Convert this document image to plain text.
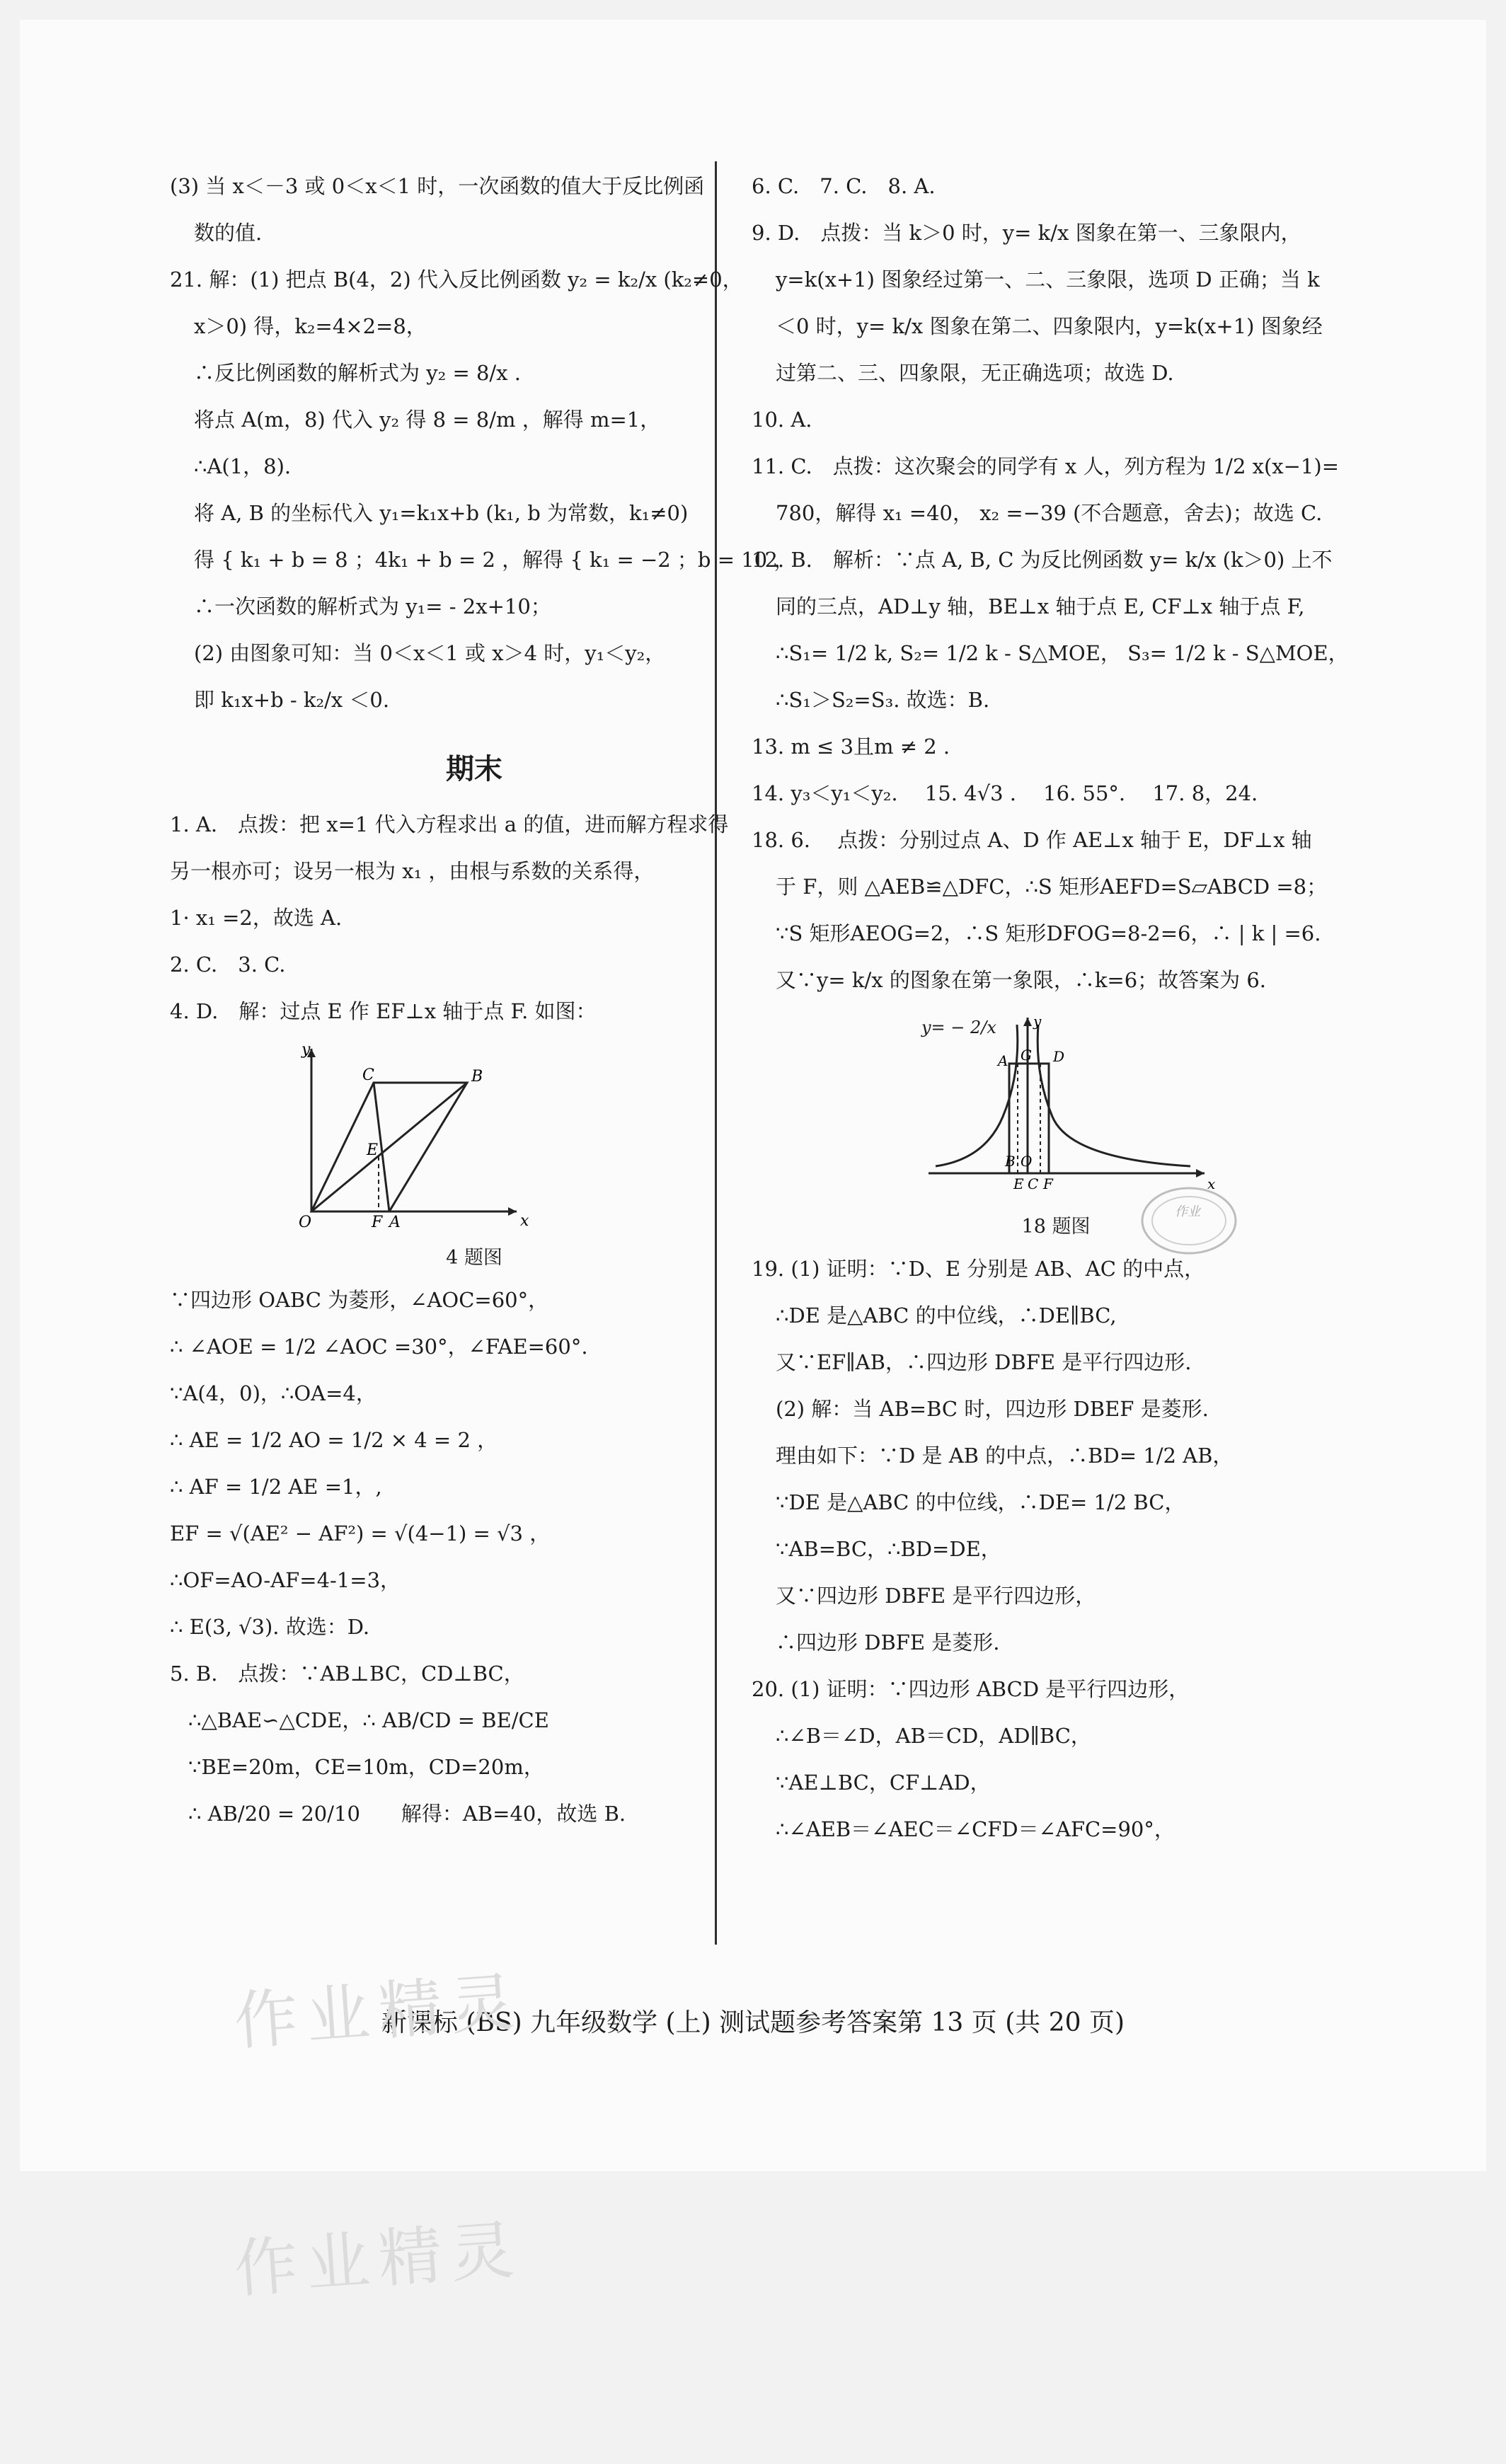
(3) 当 x＜－3 或 0＜x＜1 时，一次函数的值大于反比例函
数的值.
21. 解：(1) 把点 B(4，2) 代入反比例函数 y₂ = k₂/x (k₂≠0，
x＞0) 得，k₂=4×2=8，
∴反比例函数的解析式为 y₂ = 8/x .
将点 A(m，8) 代入 y₂ 得 8 = 8/m ，解得 m=1，
∴A(1，8).
将 A, B 的坐标代入 y₁=k₁x+b (k₁, b 为常数，k₁≠0)
得 { k₁ + b = 8 ；4k₁ + b = 2 ，解得 { k₁ = −2 ；b = 10 ，
∴一次函数的解析式为 y₁= - 2x+10；
(2) 由图象可知：当 0＜x＜1 或 x＞4 时，y₁＜y₂，
即 k₁x+b - k₂/x ＜0.
期末
1. A.　点拨：把 x=1 代入方程求出 a 的值，进而解方程求得
另一根亦可；设另一根为 x₁ ，由根与系数的关系得，
1· x₁ =2，故选 A.
2. C.　3. C.
4. D.　解：过点 E 作 EF⊥x 轴于点 F. 如图：
y
O	F A	x
C	B
E
4 题图
∵四边形 OABC 为菱形，∠AOC=60°，
∴ ∠AOE = 1/2 ∠AOC =30°，∠FAE=60°.
∵A(4，0)，∴OA=4，
∴ AE = 1/2 AO = 1/2 × 4 = 2 ，
∴ AF = 1/2 AE =1，,
EF = √(AE² − AF²) = √(4−1) = √3 ，
∴OF=AO-AF=4-1=3，
∴ E(3, √3). 故选：D.
5. B.　点拨：∵AB⊥BC，CD⊥BC，
∴△BAE∽△CDE，∴ AB/CD = BE/CE
∵BE=20m，CE=10m，CD=20m，
∴ AB/20 = 20/10　　解得：AB=40，故选 B.
6. C.　7. C.　8. A.
9. D.　点拨：当 k＞0 时，y= k/x 图象在第一、三象限内，
y=k(x+1) 图象经过第一、二、三象限，选项 D 正确；当 k
＜0 时，y= k/x 图象在第二、四象限内，y=k(x+1) 图象经
过第二、三、四象限，无正确选项；故选 D.
10. A.
11. C.　点拨：这次聚会的同学有 x 人，列方程为 1/2 x(x−1)=
780，解得 x₁ =40， x₂ =−39 (不合题意，舍去)；故选 C.
12. B.　解析：∵点 A, B, C 为反比例函数 y= k/x (k＞0) 上不
同的三点，AD⊥y 轴，BE⊥x 轴于点 E, CF⊥x 轴于点 F,
∴S₁= 1/2 k, S₂= 1/2 k - S△MOE， S₃= 1/2 k - S△MOE，
∴S₁＞S₂=S₃. 故选：B.
13. m ≤ 3且m ≠ 2 .
14. y₃＜y₁＜y₂.　 15. 4√3 .　 16. 55°.　 17. 8，24.
18. 6.　 点拨：分别过点 A、D 作 AE⊥x 轴于 E，DF⊥x 轴
于 F，则 △AEB≌△DFC，∴S 矩形AEFD=S▱ABCD =8；
∵S 矩形AEOG=2，∴S 矩形DFOG=8-2=6，∴ | k | =6.
又∵y= k/x 的图象在第一象限，∴k=6；故答案为 6.
A G D
B O
E C F
y
x
y= − 2/x
18 题图
19. (1) 证明：∵D、E 分别是 AB、AC 的中点，
∴DE 是△ABC 的中位线，∴DE∥BC,
又∵EF∥AB，∴四边形 DBFE 是平行四边形.
(2) 解：当 AB=BC 时，四边形 DBEF 是菱形.
理由如下：∵D 是 AB 的中点，∴BD= 1/2 AB，
∵DE 是△ABC 的中位线，∴DE= 1/2 BC，
∵AB=BC，∴BD=DE，
又∵四边形 DBFE 是平行四边形，
∴四边形 DBFE 是菱形.
20. (1) 证明：∵四边形 ABCD 是平行四边形，
∴∠B＝∠D，AB＝CD，AD∥BC，
∵AE⊥BC，CF⊥AD，
∴∠AEB＝∠AEC＝∠CFD＝∠AFC=90°，
作业
新课标 (BS) 九年级数学 (上) 测试题参考答案第 13 页 (共 20 页)
作业精灵
作业精灵
